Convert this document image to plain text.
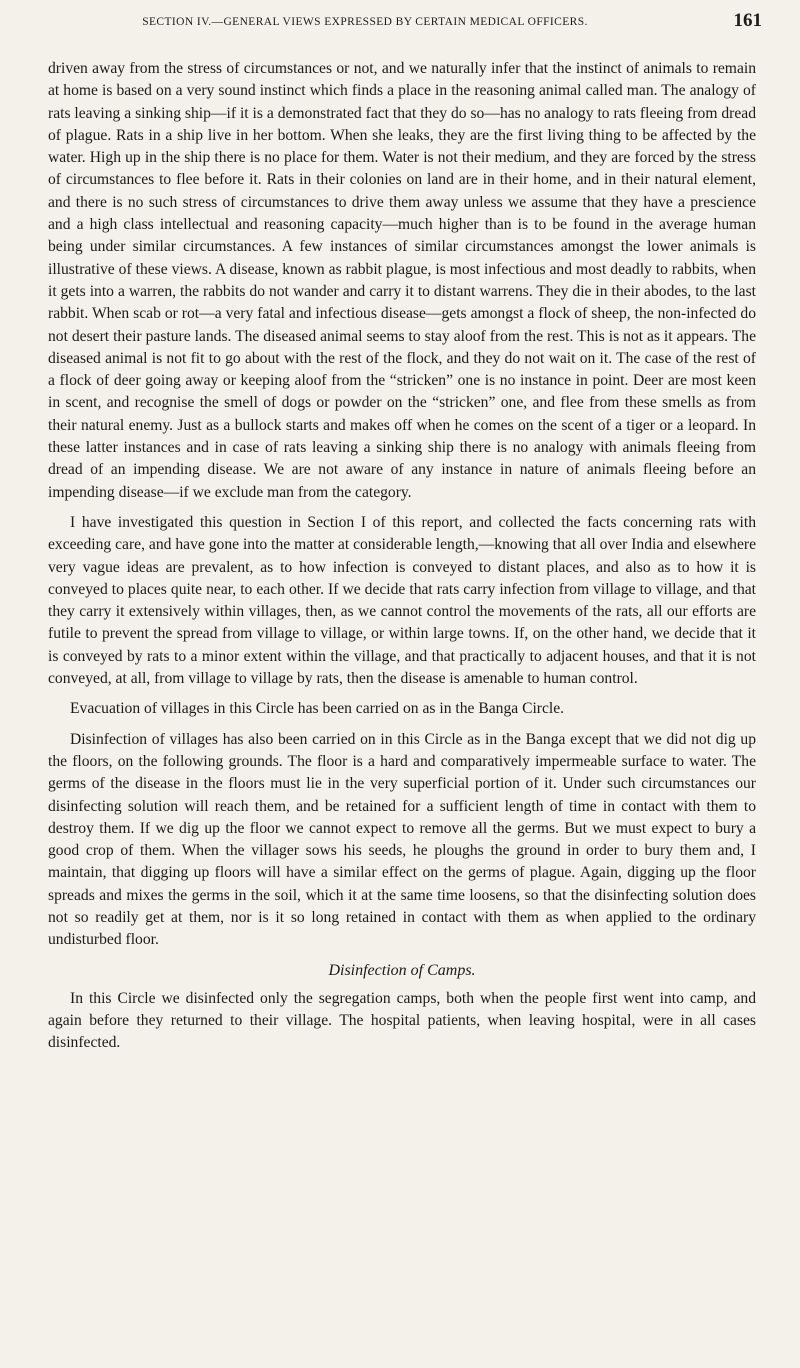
SECTION IV.—GENERAL VIEWS EXPRESSED BY CERTAIN MEDICAL OFFICERS.	161

driven away from the stress of circumstances or not, and we naturally infer that the instinct of animals to remain at home is based on a very sound instinct which finds a place in the reasoning animal called man. The analogy of rats leaving a sinking ship—if it is a demonstrated fact that they do so—has no analogy to rats fleeing from dread of plague. Rats in a ship live in her bottom. When she leaks, they are the first living thing to be affected by the water. High up in the ship there is no place for them. Water is not their medium, and they are forced by the stress of circumstances to flee before it. Rats in their colonies on land are in their home, and in their natural element, and there is no such stress of circumstances to drive them away unless we assume that they have a prescience and a high class intellectual and reasoning capacity—much higher than is to be found in the average human being under similar circumstances. A few instances of similar circumstances amongst the lower animals is illustrative of these views. A disease, known as rabbit plague, is most infectious and most deadly to rabbits, when it gets into a warren, the rabbits do not wander and carry it to distant warrens. They die in their abodes, to the last rabbit. When scab or rot—a very fatal and infectious disease—gets amongst a flock of sheep, the non-infected do not desert their pasture lands. The diseased animal seems to stay aloof from the rest. This is not as it appears. The diseased animal is not fit to go about with the rest of the flock, and they do not wait on it. The case of the rest of a flock of deer going away or keeping aloof from the “stricken” one is no instance in point. Deer are most keen in scent, and recognise the smell of dogs or powder on the “stricken” one, and flee from these smells as from their natural enemy. Just as a bullock starts and makes off when he comes on the scent of a tiger or a leopard. In these latter instances and in case of rats leaving a sinking ship there is no analogy with animals fleeing from dread of an impending disease. We are not aware of any instance in nature of animals fleeing before an impending disease—if we exclude man from the category.

I have investigated this question in Section I of this report, and collected the facts concerning rats with exceeding care, and have gone into the matter at considerable length,—knowing that all over India and elsewhere very vague ideas are prevalent, as to how infection is conveyed to distant places, and also as to how it is conveyed to places quite near, to each other. If we decide that rats carry infection from village to village, and that they carry it extensively within villages, then, as we cannot control the movements of the rats, all our efforts are futile to prevent the spread from village to village, or within large towns. If, on the other hand, we decide that it is conveyed by rats to a minor extent within the village, and that practically to adjacent houses, and that it is not conveyed, at all, from village to village by rats, then the disease is amenable to human control.

Evacuation of villages in this Circle has been carried on as in the Banga Circle.

Disinfection of villages has also been carried on in this Circle as in the Banga except that we did not dig up the floors, on the following grounds. The floor is a hard and comparatively impermeable surface to water. The germs of the disease in the floors must lie in the very superficial portion of it. Under such circumstances our disinfecting solution will reach them, and be retained for a sufficient length of time in contact with them to destroy them. If we dig up the floor we cannot expect to remove all the germs. But we must expect to bury a good crop of them. When the villager sows his seeds, he ploughs the ground in order to bury them and, I maintain, that digging up floors will have a similar effect on the germs of plague. Again, digging up the floor spreads and mixes the germs in the soil, which it at the same time loosens, so that the disinfecting solution does not so readily get at them, nor is it so long retained in contact with them as when applied to the ordinary undisturbed floor.

Disinfection of Camps.

In this Circle we disinfected only the segregation camps, both when the people first went into camp, and again before they returned to their village. The hospital patients, when leaving hospital, were in all cases disinfected.
